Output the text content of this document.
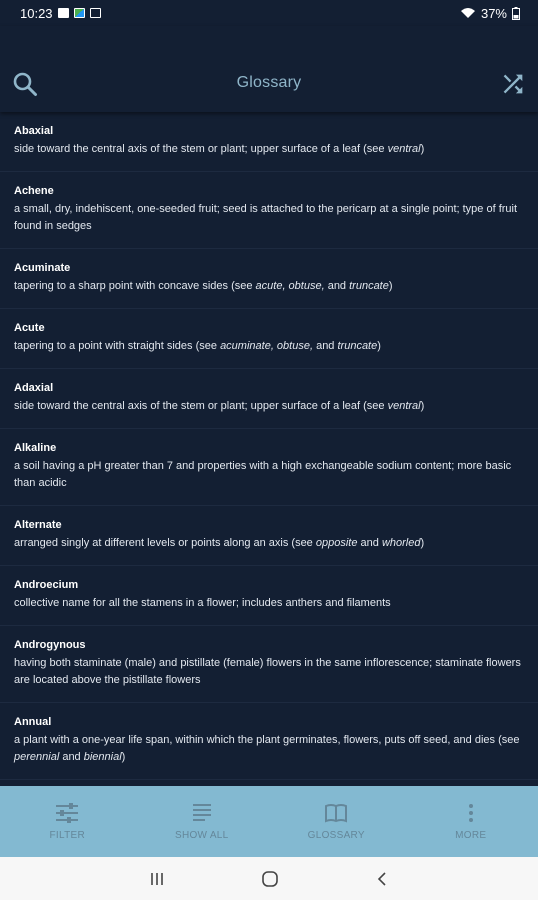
10:23	37%
Glossary
Abaxial
side toward the central axis of the stem or plant; upper surface of a leaf (see ventral)
Achene
a small, dry, indehiscent, one-seeded fruit; seed is attached to the pericarp at a single point; type of fruit found in sedges
Acuminate
tapering to a sharp point with concave sides (see acute, obtuse, and truncate)
Acute
tapering to a point with straight sides (see acuminate, obtuse, and truncate)
Adaxial
side toward the central axis of the stem or plant; upper surface of a leaf (see ventral)
Alkaline
a soil having a pH greater than 7 and properties with a high exchangeable sodium content; more basic than acidic
Alternate
arranged singly at different levels or points along an axis (see opposite and whorled)
Androecium
collective name for all the stamens in a flower; includes anthers and filaments
Androgynous
having both staminate (male) and pistillate (female) flowers in the same inflorescence; staminate flowers are located above the pistillate flowers
Annual
a plant with a one-year life span, within which the plant germinates, flowers, puts off seed, and dies (see perennial and biennial)
FILTER	SHOW ALL	GLOSSARY	MORE
